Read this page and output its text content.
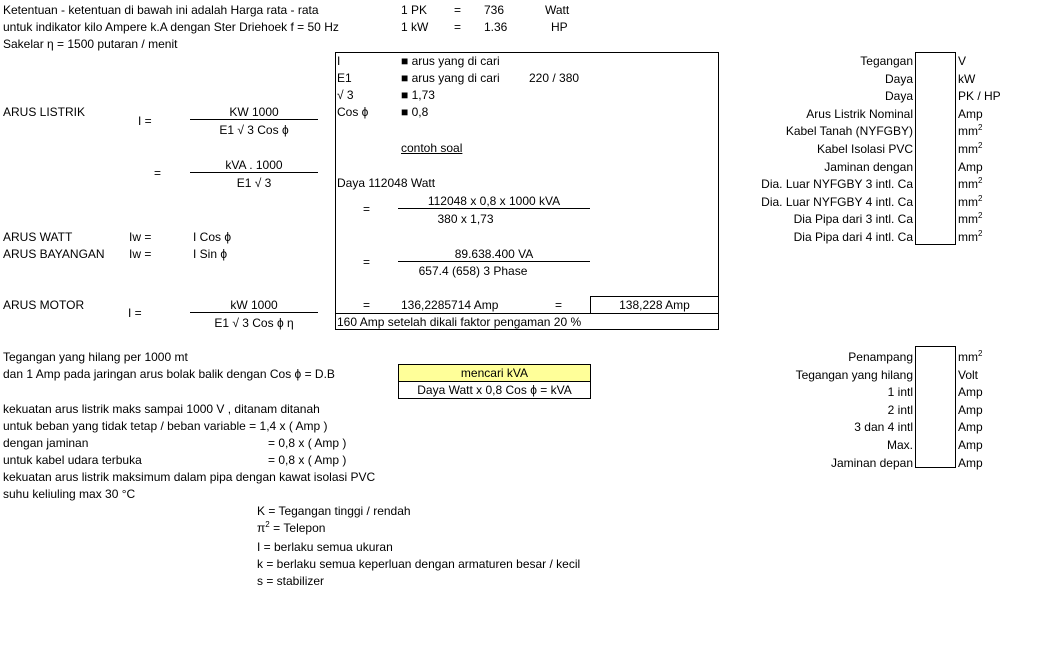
Ketentuan - ketentuan di bawah ini adalah Harga rata - rata
untuk indikator kilo Ampere k.A dengan Ster Driehoek f = 50 Hz
Sakelar η = 1500 putaran / menit
1 PK = 736	Watt
1 kW = 1.36	HP
ARUS LISTRIK
I =
KW 1000
E1 √ 3 Cos ϕ
=
kVA . 1000
E1 √ 3
ARUS WATT	Iw =	I Cos ϕ
ARUS BAYANGAN Iw =	I Sin ϕ
ARUS MOTOR
I =
kW 1000
E1 √ 3 Cos ϕ η
I	■ arus yang di cari
E1	■ arus yang di cari 220 / 380
√ 3	■ 1,73
Cos ϕ	■ 0,8
contoh soal
Daya 112048 Watt
=
112048 x 0,8 x 1000 kVA
380 x 1,73
=
89.638.400 VA
657.4 (658) 3 Phase
=	136,2285714 Amp	=	138,228 Amp
160 Amp setelah dikali faktor pengaman 20 %
Tegangan	V
Daya	kW
Daya	PK / HP
Arus Listrik Nominal	Amp
Kabel Tanah (NYFGBY)	$mm^2$
Kabel Isolasi PVC	$mm^2$
Jaminan dengan	Amp
Dia. Luar NYFGBY 3 intl. Ca	$mm^2$
Dia. Luar NYFGBY 4 intl. Ca	$mm^2$
Dia Pipa dari 3 intl. Ca	$mm^2$
Dia Pipa dari 4 intl. Ca	$mm^2$
Penampang	$mm^2$
Tegangan yang hilang	Volt
1 intl	Amp
2 intl	Amp
3 dan 4 intl	Amp
Max.	Amp
Jaminan depan	Amp
Tegangan yang hilang per 1000 mt
dan 1 Amp pada jaringan arus bolak balik dengan Cos ϕ = D.B	mencari kVA
Daya Watt x 0,8 Cos ϕ = kVA
kekuatan arus listrik maks sampai 1000 V , ditanam ditanah
untuk beban yang tidak tetap / beban variable = 1,4 x ( Amp )
dengan jaminan	= 0,8 x ( Amp )
untuk kabel udara terbuka	= 0,8 x ( Amp )
kekuatan arus listrik maksimum dalam pipa dengan kawat isolasi PVC
suhu keliuling max 30 °C
K = Tegangan tinggi / rendah
$\pi^2$ = Telepon
I = berlaku semua ukuran
k = berlaku semua keperluan dengan armaturen besar / kecil
s = stabilizer
